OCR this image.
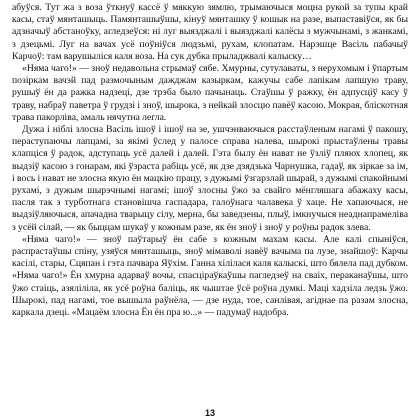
абуўся. Тут жа з воза ўткнуў кассё ў мяккую зямлю, трымаючыся моцна рукой за тупы край касы, стаў мянташыць. Памянташыўшы, кінуў мянташку ў кошык на разе, выпаставіўся, як бы адзначыў абстаноўку, агледзеўся: ні луг выязджалі і выязджалі калёсы з мужчынамі, з жанкамі, з дзецьмі. Луг на вачах усё поўніўся людзьмі, рухам, клопатам. Нарэшце Васіль пабачыў Карчоў: там варушыліся каля воза. На сук дубка прыладжвалі калыску…

«Няма чаго!» — зноў недавольна стрымаў сябе. Хмурны, сутулаваты, з нерухомым і ўпартым позіркам вачэй пад размочыным дажджам казыркам, кажучы сабе лапікам лапшую траву, рушыў ён да ражка надзеці, дзе трэба было пачынаць. Стаўшы ў ражку, ён адпусціў касу ў траву, набраў паветра ў грудзі і зноў, шырока, з нейкай злосцю павёў касою. Мокрая, блiскотная трава пакорліва, амаль нячутна легла.

Дужа і ніблі злосна Васіль ішоў і ішоў на зе, ушчэнваючыся расстаўленым нагамі ў пакошу, пераступаючы лапцамі, за якімі ўслед у палосе справа налева, шырокі прыстаўлены травы клапціся ў радок, адступаць усё далей і далей. Гэта былу ён нават не ўзліў пляюх хлопец, як выдзіў касою з гонарам, які ўзраста рабіць усё, як дзе дзядзька Чарнушка, гадаў, як зіркае за ім, і вось і нават не злосна якую ён мацкію працу, з дужымі ўзгарзлай шырай, з дужымі спакойнымі рухамі, з дужым шырэчнымі нагамі; ішоў злосны ўжо за свайго мёнгляшага абажаху касы, пасля так з турботнага становішча гаспадара, галоўнага чалавека ў хаце. Не хапаючыся, не выдзіўляючыся, апачадна тварыцу сілу, мерна, бы заведзены, плыў, імкнучыся неаднапрамеліва з усёй сілай, — як быццам шукаў у кожным разе, як ён зноў і зноў у роўны радок злева.

«Няма чаго!» — зноў паўтарыў ён сабе з кожным махам касы. Але калі спыніўся, распрастаўшы спіну, узяўся мянташыць, зноў мімаволі навёў вачыма па лузе, знайшоў: Карчы касілі, стары, Сцяпан і гэта пачвара Яўхім. Ганна хілілася каля калыскі, што бялела пад дубком. «Няма чаго!» Ён хмурна адарваў вочы, спасціраўкаўшы пагледзеў на сваіх, пераканаўшы, што ўжо стаіць, азяліліла, як усё роўна баліць, як чыштае ўсё роўна думкі. Маці хадзіла ледзь ўжо. Шырокі, пад нагамі, тое вышыла раўнёла, — дзе нуда, тое, санлівая, агіднае па разам злосна, каркала дзеці. «Мацаём злосна Ён ён пра ю...» — падумаў надобра.

13
